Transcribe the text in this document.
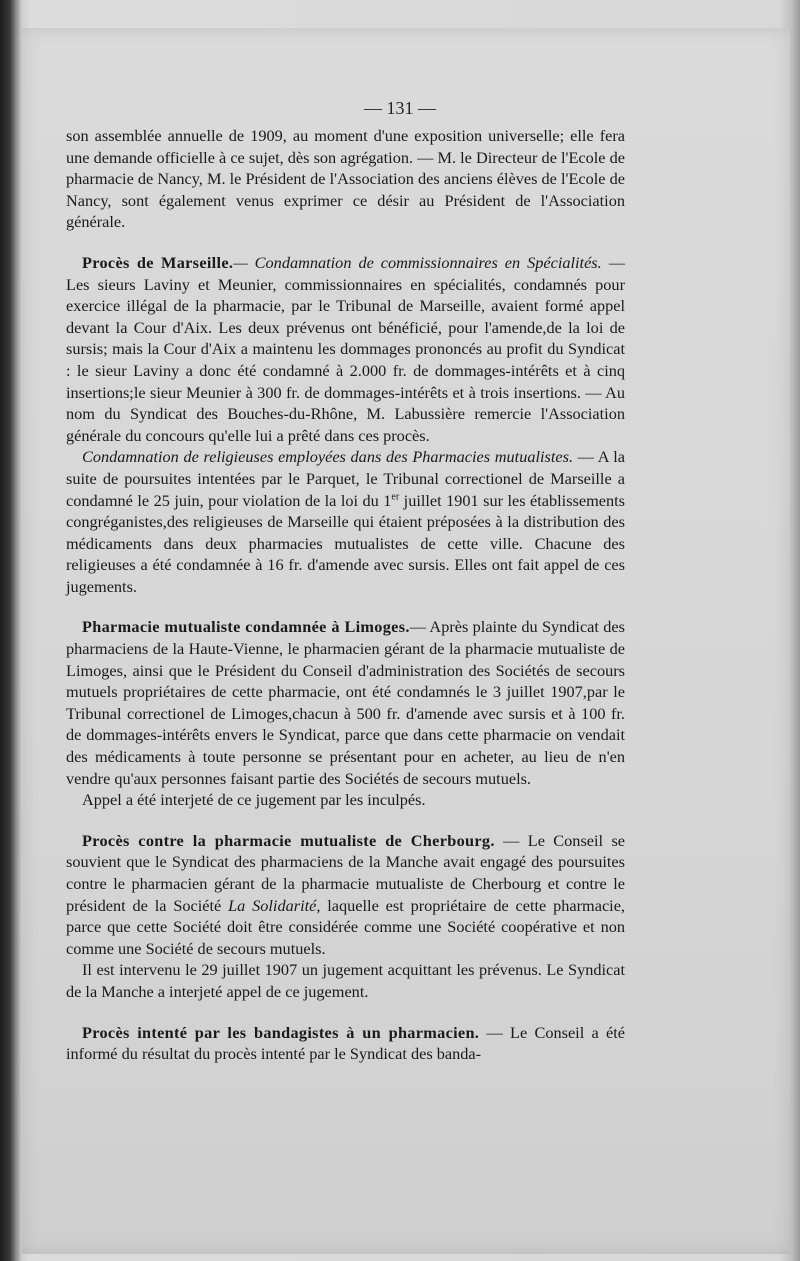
— 131 —

son assemblée annuelle de 1909, au moment d'une exposition universelle; elle fera une demande officielle à ce sujet, dès son agrégation. — M. le Directeur de l'Ecole de pharmacie de Nancy, M. le Président de l'Association des anciens élèves de l'Ecole de Nancy, sont également venus exprimer ce désir au Président de l'Association générale.

Procès de Marseille.— Condamnation de commissionnaires en Spécialités. — Les sieurs Laviny et Meunier, commissionnaires en spécialités, condamnés pour exercice illégal de la pharmacie, par le Tribunal de Marseille, avaient formé appel devant la Cour d'Aix. Les deux prévenus ont bénéficié, pour l'amende,de la loi de sursis; mais la Cour d'Aix a maintenu les dommages prononcés au profit du Syndicat : le sieur Laviny a donc été condamné à 2.000 fr. de dommages-intérêts et à cinq insertions;le sieur Meunier à 300 fr. de dommages-intérêts et à trois insertions. — Au nom du Syndicat des Bouches-du-Rhône, M. Labussière remercie l'Association générale du concours qu'elle lui a prêté dans ces procès.

Condamnation de religieuses employées dans des Pharmacies mutualistes. — A la suite de poursuites intentées par le Parquet, le Tribunal correctionel de Marseille a condamné le 25 juin, pour violation de la loi du 1er juillet 1901 sur les établissements congréganistes,des religieuses de Marseille qui étaient préposées à la distribution des médicaments dans deux pharmacies mutualistes de cette ville. Chacune des religieuses a été condamnée à 16 fr. d'amende avec sursis. Elles ont fait appel de ces jugements.

Pharmacie mutualiste condamnée à Limoges.— Après plainte du Syndicat des pharmaciens de la Haute-Vienne, le pharmacien gérant de la pharmacie mutualiste de Limoges, ainsi que le Président du Conseil d'administration des Sociétés de secours mutuels propriétaires de cette pharmacie, ont été condamnés le 3 juillet 1907,par le Tribunal correctionel de Limoges,chacun à 500 fr. d'amende avec sursis et à 100 fr. de dommages-intérêts envers le Syndicat, parce que dans cette pharmacie on vendait des médicaments à toute personne se présentant pour en acheter, au lieu de n'en vendre qu'aux personnes faisant partie des Sociétés de secours mutuels.

Appel a été interjeté de ce jugement par les inculpés.

Procès contre la pharmacie mutualiste de Cherbourg. — Le Conseil se souvient que le Syndicat des pharmaciens de la Manche avait engagé des poursuites contre le pharmacien gérant de la pharmacie mutualiste de Cherbourg et contre le président de la Société La Solidarité, laquelle est propriétaire de cette pharmacie, parce que cette Société doit être considérée comme une Société coopérative et non comme une Société de secours mutuels.

Il est intervenu le 29 juillet 1907 un jugement acquittant les prévenus. Le Syndicat de la Manche a interjeté appel de ce jugement.

Procès intenté par les bandagistes à un pharmacien. — Le Conseil a été informé du résultat du procès intenté par le Syndicat des banda-
